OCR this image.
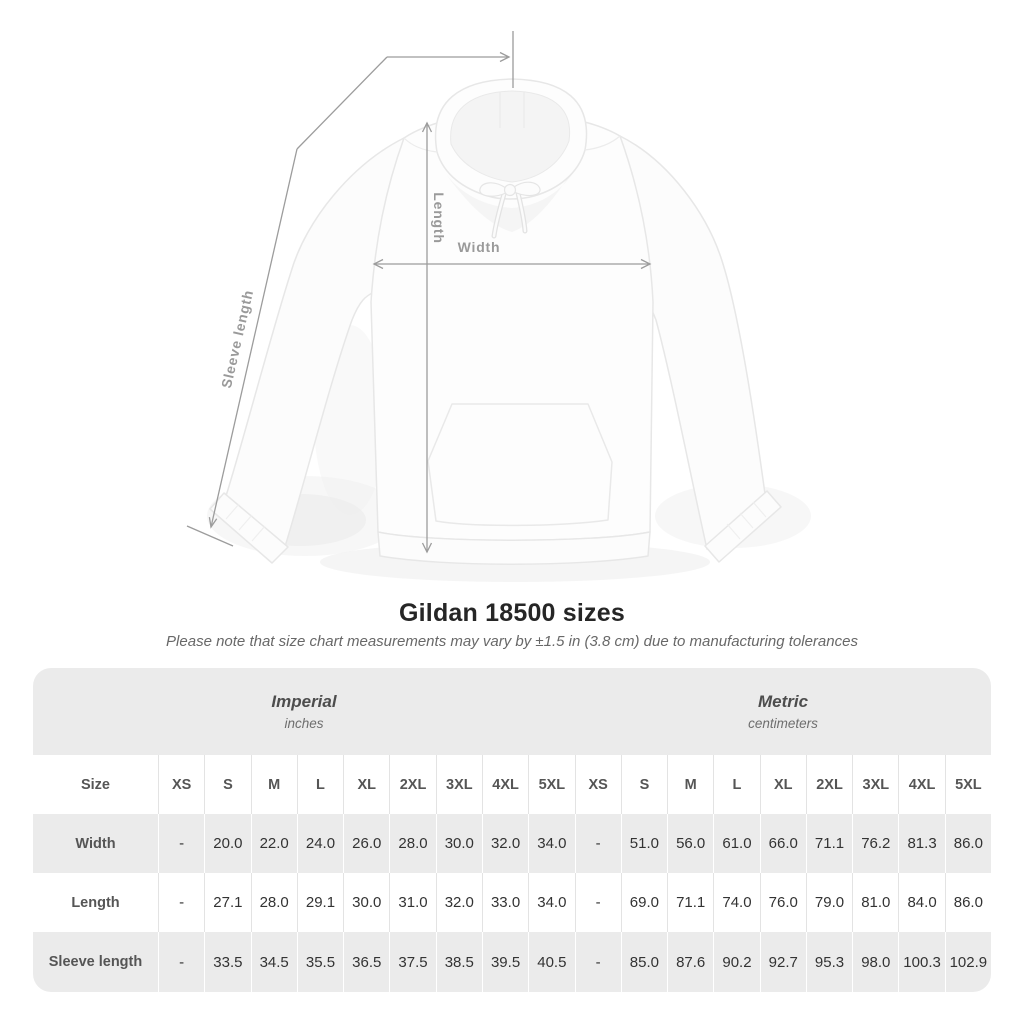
Sleeve length
Length
Width
Gildan 18500 sizes
Please note that size chart measurements may vary by ±1.5 in (3.8 cm) due to manufacturing tolerances
Imperial
inches
Metric
centimeters
Size	XS	S	M	L	XL	2XL	3XL	4XL	5XL	XS	S	M	L	XL	2XL	3XL	4XL	5XL
Width	-	20.0	22.0	24.0	26.0	28.0	30.0	32.0	34.0	-	51.0	56.0	61.0	66.0	71.1	76.2	81.3	86.0
Length	-	27.1	28.0	29.1	30.0	31.0	32.0	33.0	34.0	-	69.0	71.1	74.0	76.0	79.0	81.0	84.0	86.0
Sleeve length	-	33.5	34.5	35.5	36.5	37.5	38.5	39.5	40.5	-	85.0	87.6	90.2	92.7	95.3	98.0 100.3 102.9
